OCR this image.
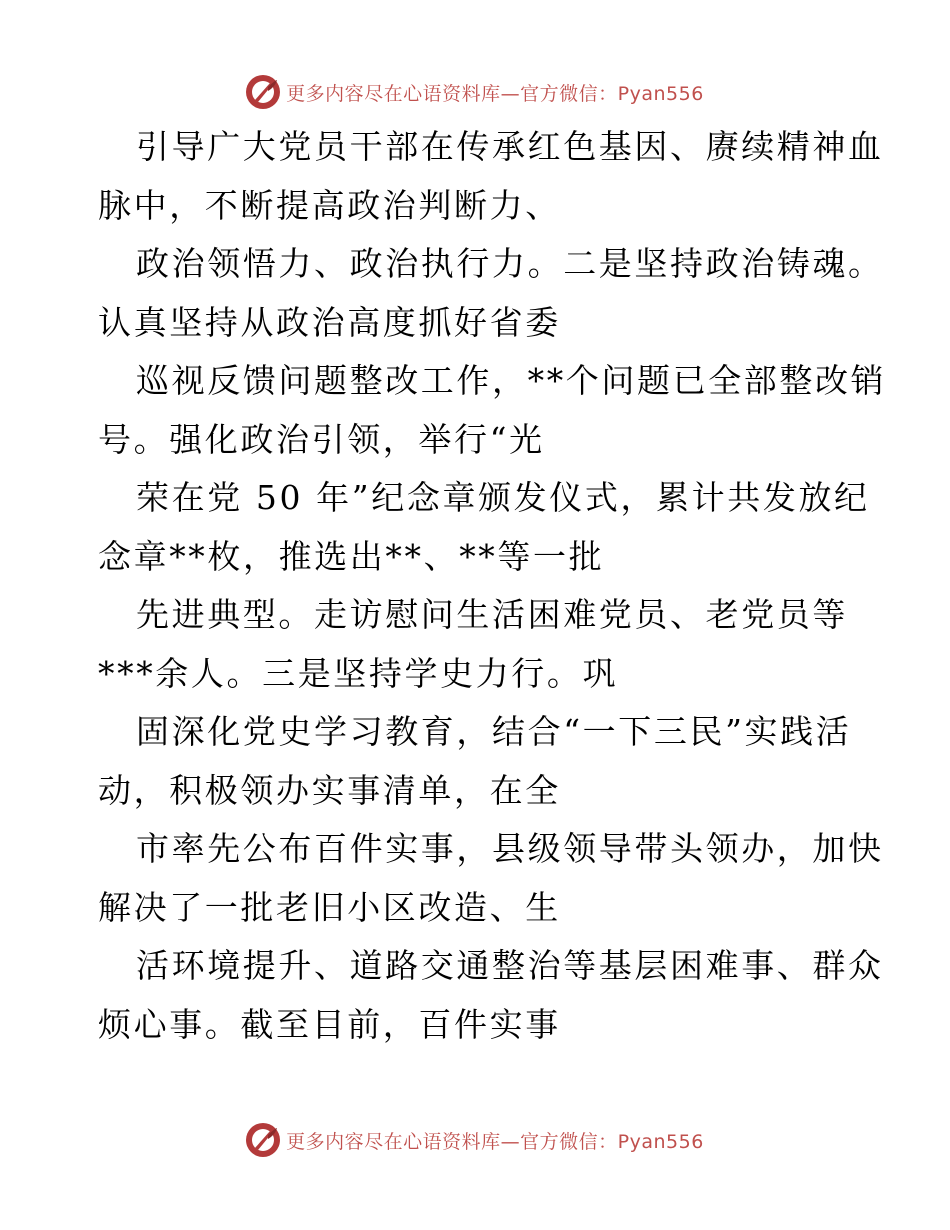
更多内容尽在心语资料库—官方微信：Pyan556
引导广大党员干部在传承红色基因、赓续精神血
脉中，不断提高政治判断力、
政治领悟力、政治执行力。二是坚持政治铸魂。
认真坚持从政治高度抓好省委
巡视反馈问题整改工作，**个问题已全部整改销
号。强化政治引领，举行“光
荣在党 50 年”纪念章颁发仪式，累计共发放纪
念章**枚，推选出**、**等一批
先进典型。走访慰问生活困难党员、老党员等
***余人。三是坚持学史力行。巩
固深化党史学习教育，结合“一下三民”实践活
动，积极领办实事清单，在全
市率先公布百件实事，县级领导带头领办，加快
解决了一批老旧小区改造、生
活环境提升、道路交通整治等基层困难事、群众
烦心事。截至目前，百件实事
更多内容尽在心语资料库—官方微信：Pyan556
